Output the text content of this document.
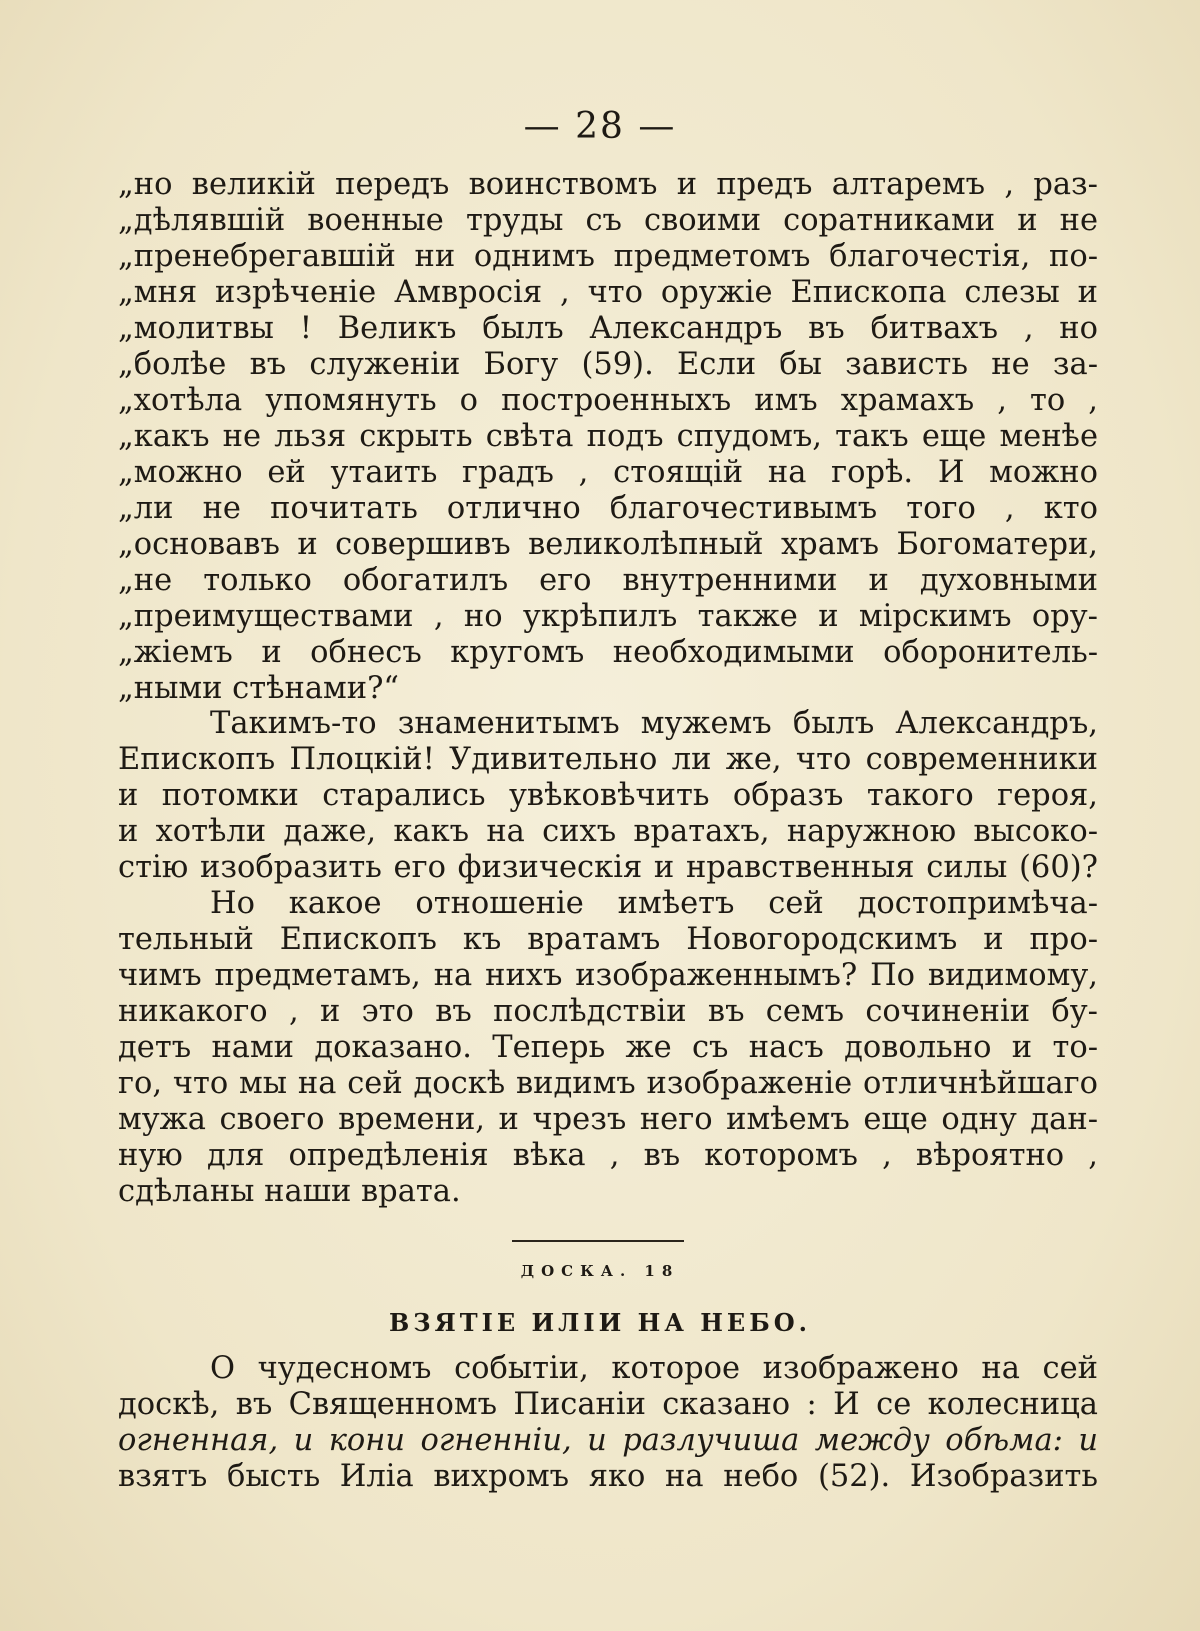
— 28 —
„но великій передъ воинствомъ и предъ алтаремъ , раз-
„дѣлявшій военные труды съ своими соратниками и не
„пренебрегавшій ни однимъ предметомъ благочестія, по-
„мня изрѣченіе Амвросія , что оружіе Епископа слезы и
„молитвы ! Великъ былъ Александръ въ битвахъ , но
„болѣе въ служеніи Богу (59). Если бы зависть не за-
„хотѣла упомянуть о построенныхъ имъ храмахъ , то ,
„какъ не льзя скрыть свѣта подъ спудомъ, такъ еще менѣе
„можно ей утаить градъ , стоящій на горѣ. И можно
„ли не почитать отлично благочестивымъ того , кто
„основавъ и совершивъ великолѣпный храмъ Богоматери,
„не только обогатилъ его внутренними и духовными
„преимуществами , но укрѣпилъ также и мірскимъ ору-
„жіемъ и обнесъ кругомъ необходимыми оборонитель-
„ными стѣнами?“
Такимъ-то знаменитымъ мужемъ былъ Александръ,
Епископъ Плоцкій! Удивительно ли же, что современники
и потомки старались увѣковѣчить образъ такого героя,
и хотѣли даже, какъ на сихъ вратахъ, наружною высоко-
стію изобразить его физическія и нравственныя силы (60)?
Но какое отношеніе имѣетъ сей достопримѣча-
тельный Епископъ къ вратамъ Новогородскимъ и про-
чимъ предметамъ, на нихъ изображеннымъ? По видимому,
никакого , и это въ послѣдствіи въ семъ сочиненіи бу-
детъ нами доказано. Теперь же съ насъ довольно и то-
го, что мы на сей доскѣ видимъ изображеніе отличнѣйшаго
мужа своего времени, и чрезъ него имѣемъ еще одну дан-
ную для опредѣленія вѣка , въ которомъ , вѣроятно ,
сдѣланы наши врата.
ДОСКА. 18
ВЗЯТІЕ ИЛІИ НА НЕБО.
О чудесномъ событіи, которое изображено на сей
доскѣ, въ Священномъ Писаніи сказано : И се колесница
огненная, и кони огненніи, и разлучиша между обѣма: и
взятъ бысть Иліа вихромъ яко на небо (52). Изобразить
